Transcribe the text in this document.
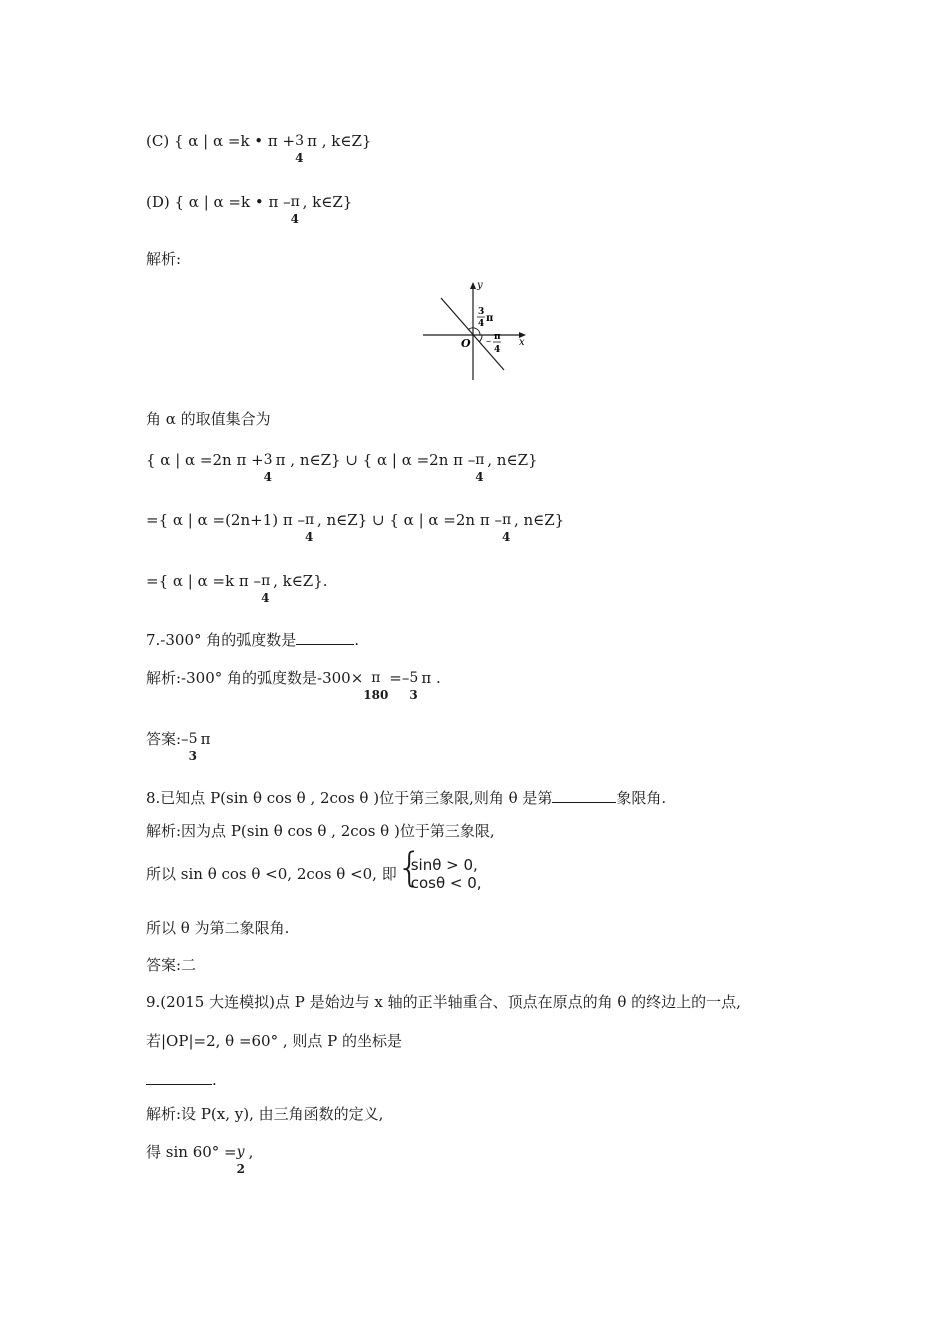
(C) { α | α =k • π + 3
4
π , k∈Z}
(D) { α | α =k • π – π
4
, k∈Z}
解析:
y
x
O
3
4 π
– π
4
角 α 的取值集合为
{ α | α =2n π + 3
4
π , n∈Z} ∪ { α | α =2n π – π
4
, n∈Z}
={ α | α =(2n+1) π – π
4
, n∈Z} ∪ { α | α =2n π – π
4
, n∈Z}
={ α | α =k π – π
4
, k∈Z}.
7.-300° 角的弧度数是	.
解析:-300° 角的弧度数是-300× π
180
=– 5
3
π .
答案:– 5
3
π
8.已知点 P(sin θ cos θ , 2cos θ )位于第三象限,则角 θ 是第	象限角.
解析:因为点 P(sin θ cos θ , 2cos θ )位于第三象限,
所以 sin θ cos θ <0, 2cos θ <0, 即 {
sinθ > 0,
cosθ < 0,
所以 θ 为第二象限角.
答案:二
9.(2015 大连模拟)点 P 是始边与 x 轴的正半轴重合、顶点在原点的角 θ 的终边上的一点,
若|OP|=2, θ =60° , 则点 P 的坐标是
.
解析:设 P(x, y), 由三角函数的定义,
得 sin 60° = y
2
,
